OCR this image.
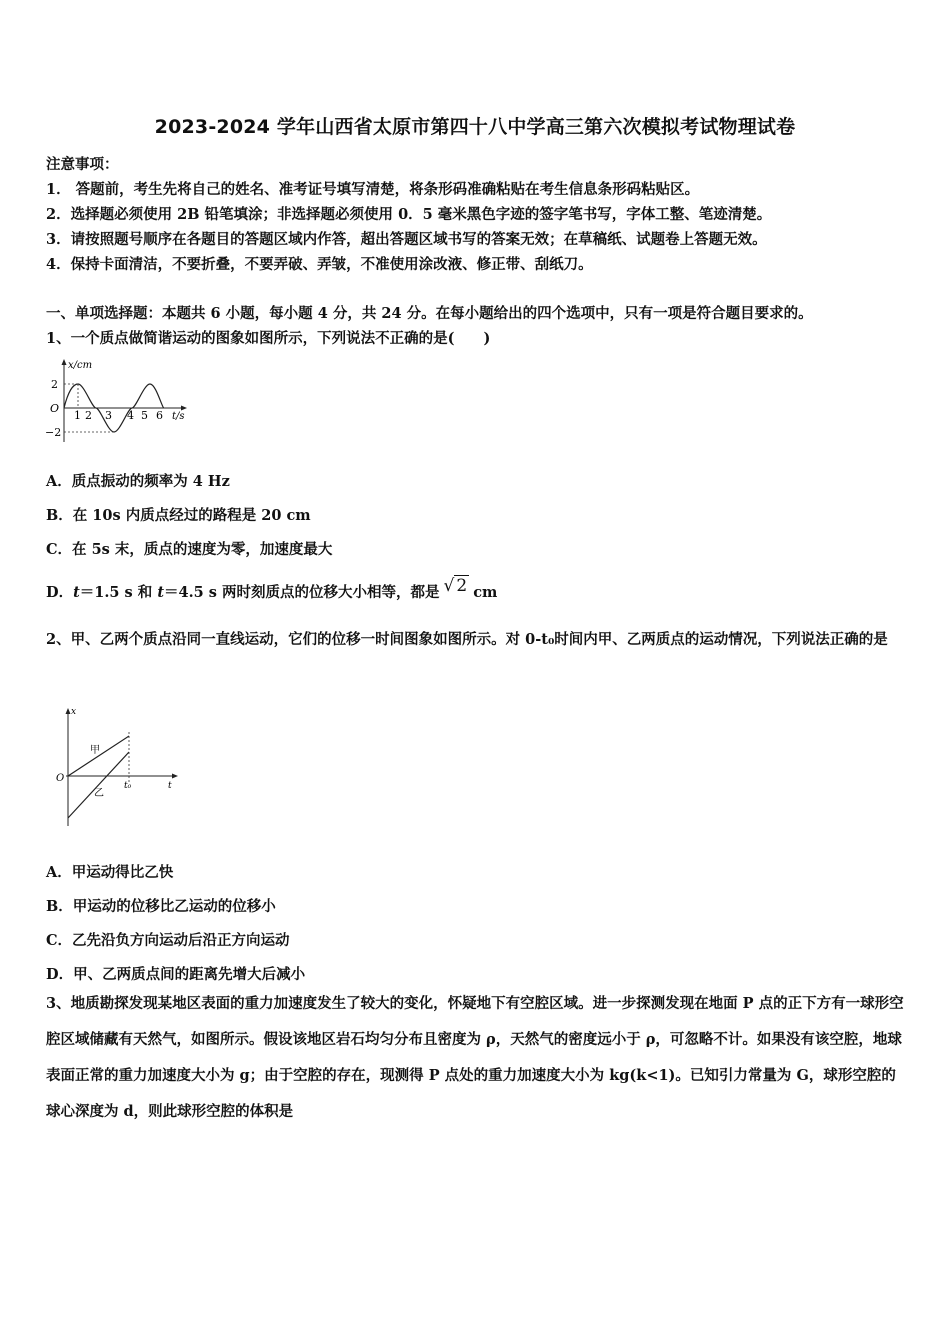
2023-2024 学年山西省太原市第四十八中学高三第六次模拟考试物理试卷
注意事项：
1． 答题前，考生先将自己的姓名、准考证号填写清楚，将条形码准确粘贴在考生信息条形码粘贴区。
2．选择题必须使用 2B 铅笔填涂；非选择题必须使用 0．5 毫米黑色字迹的签字笔书写，字体工整、笔迹清楚。
3．请按照题号顺序在各题目的答题区域内作答，超出答题区域书写的答案无效；在草稿纸、试题卷上答题无效。
4．保持卡面清洁，不要折叠，不要弄破、弄皱，不准使用涂改液、修正带、刮纸刀。
一、单项选择题：本题共 6 小题，每小题 4 分，共 24 分。在每小题给出的四个选项中，只有一项是符合题目要求的。
1、一个质点做简谐运动的图象如图所示，下列说法不正确的是(　　)
x/cm
2
O
−2
1 2 3 4 5 6 t/s
A．质点振动的频率为 4 Hz
B．在 10s 内质点经过的路程是 20 cm
C．在 5s 末，质点的速度为零，加速度最大
D．t＝1.5 s 和 t＝4.5 s 两时刻质点的位移大小相等，都是 √ 2 cm
2、甲、乙两个质点沿同一直线运动，它们的位移一时间图象如图所示。对 0-t₀时间内甲、乙两质点的运动情况，下列说法正确的是
x
O
甲
乙
t₀	t
A．甲运动得比乙快
B．甲运动的位移比乙运动的位移小
C．乙先沿负方向运动后沿正方向运动
D．甲、乙两质点间的距离先增大后减小
3、地质勘探发现某地区表面的重力加速度发生了较大的变化，怀疑地下有空腔区域。进一步探测发现在地面 P 点的正下方有一球形空腔区域储藏有天然气，如图所示。假设该地区岩石均匀分布且密度为 ρ，天然气的密度远小于 ρ，可忽略不计。如果没有该空腔，地球表面正常的重力加速度大小为 g；由于空腔的存在，现测得 P 点处的重力加速度大小为 kg(k<1)。已知引力常量为 G，球形空腔的球心深度为 d，则此球形空腔的体积是
